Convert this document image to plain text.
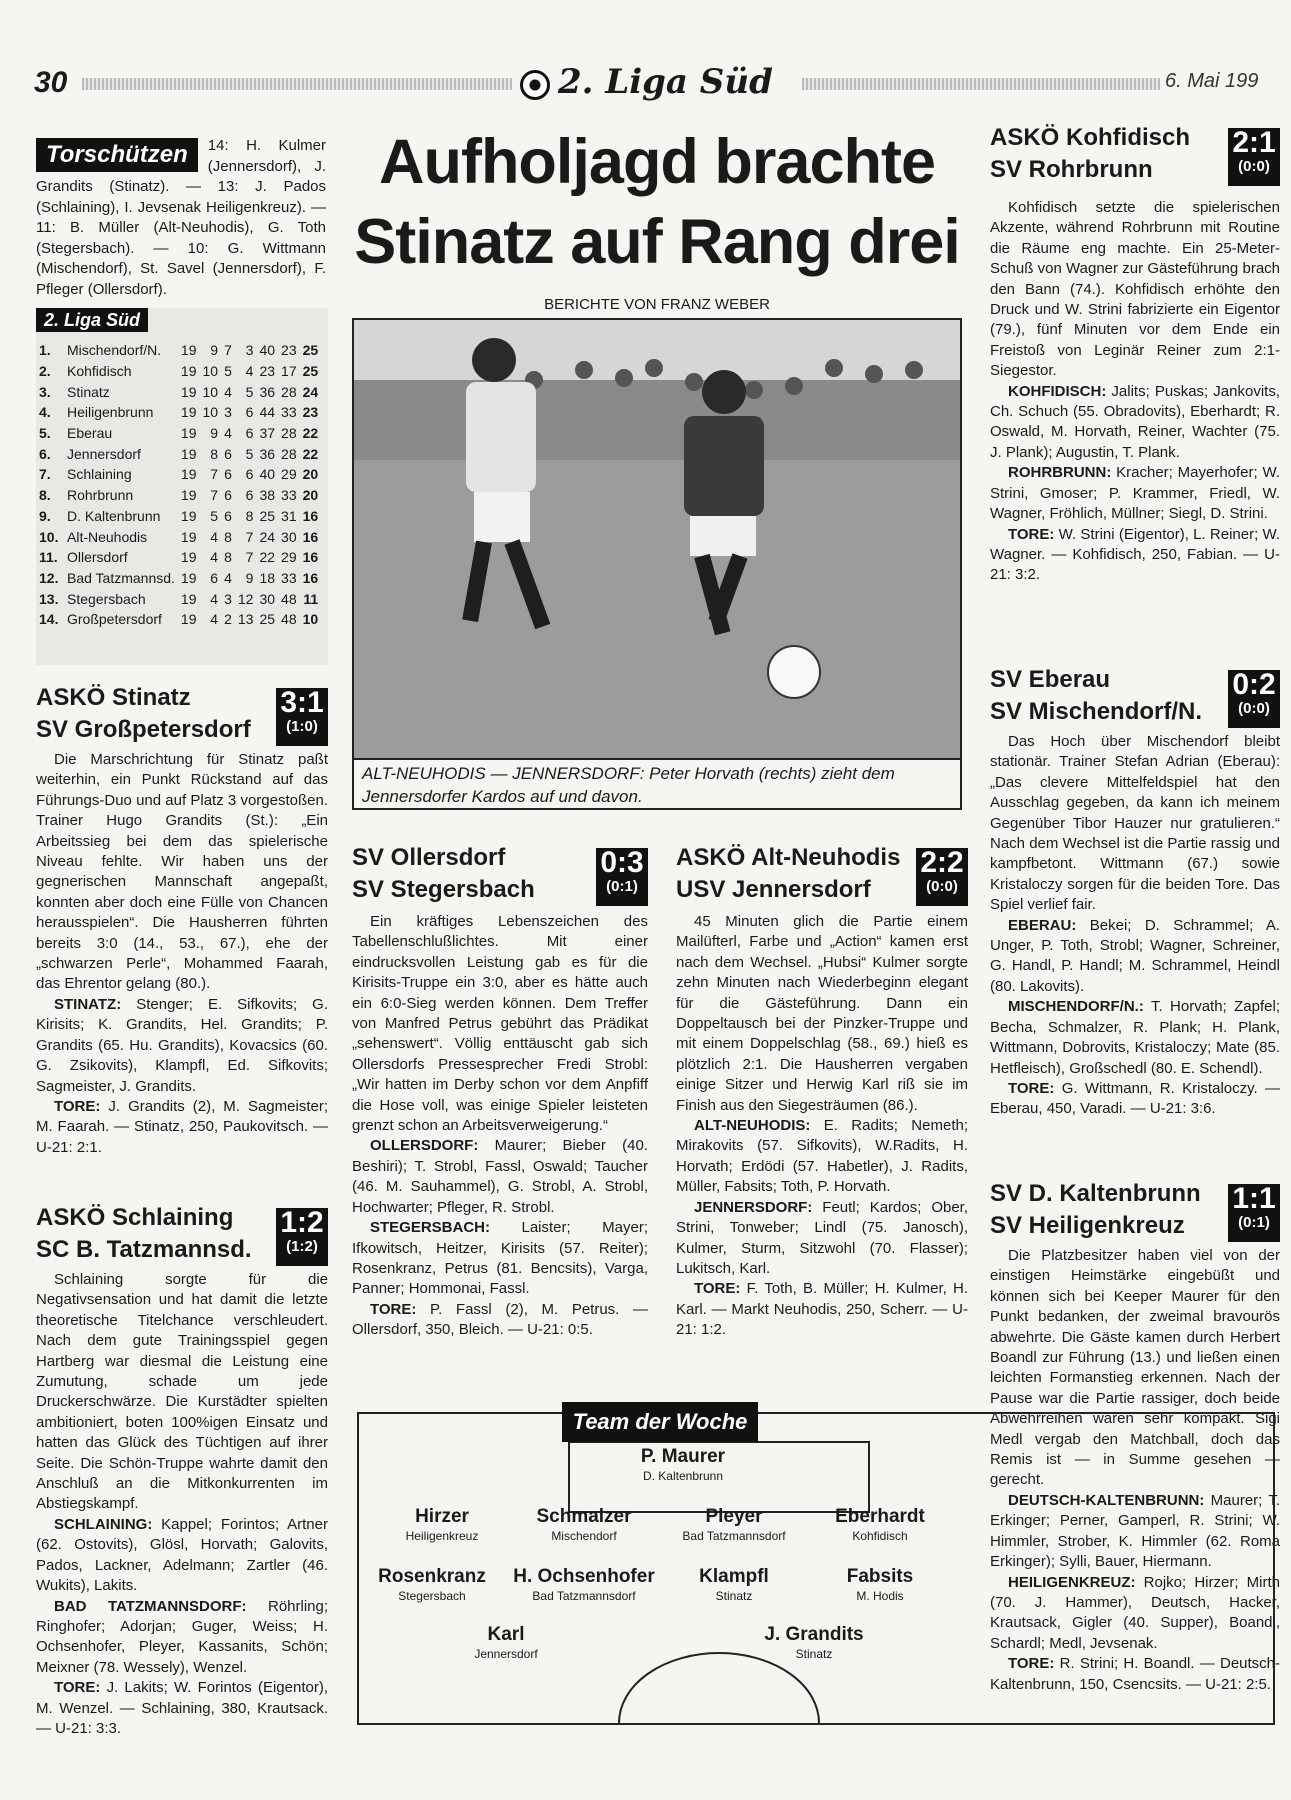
30	2. Liga Süd	6. Mai 199
Torschützen	14: H. Kulmer (Jennersdorf), J. Grandits (Stinatz). — 13: J. Pados (Schlaining), I. Jevsenak Heiligenkreuz). — 11: B. Müller (Alt-Neuhodis), G. Toth (Stegersbach). — 10: G. Wittmann (Mischendorf), St. Savel (Jennersdorf), F. Pfleger (Ollersdorf).
2. Liga Süd
1.	Mischendorf/N.	19	9	7	3	40	23	25
2.	Kohfidisch	19	10	5	4	23	17	25
3.	Stinatz	19	10	4	5	36	28	24
4.	Heiligenbrunn	19	10	3	6	44	33	23
5.	Eberau	19	9	4	6	37	28	22
6.	Jennersdorf	19	8	6	5	36	28	22
7.	Schlaining	19	7	6	6	40	29	20
8.	Rohrbrunn	19	7	6	6	38	33	20
9.	D. Kaltenbrunn	19	5	6	8	25	31	16
10.	Alt-Neuhodis	19	4	8	7	24	30	16
11.	Ollersdorf	19	4	8	7	22	29	16
12.	Bad Tatzmannsd.	19	6	4	9	18	33	16
13.	Stegersbach	19	4	3	12	30	48	11
14.	Großpetersdorf	19	4	2	13	25	48	10
ASKÖ Stinatz
SV Großpetersdorf
3:1
(1:0)

Die Marschrichtung für Stinatz paßt weiterhin, ein Punkt Rückstand auf das Führungs-Duo und auf Platz 3 vorgestoßen. Trainer Hugo Grandits (St.): „Ein Arbeitssieg bei dem das spielerische Niveau fehlte. Wir haben uns der gegnerischen Mannschaft angepaßt, konnten aber doch eine Fülle von Chancen herausspielen“. Die Hausherren führten bereits 3:0 (14., 53., 67.), ehe der „schwarzen Perle“, Mohammed Faarah, das Ehrentor gelang (80.).

STINATZ: Stenger; E. Sifkovits; G. Kirisits; K. Grandits, Hel. Grandits; P. Grandits (65. Hu. Grandits), Kovacsics (60. G. Zsikovits), Klampfl, Ed. Sifkovits; Sagmeister, J. Grandits.

TORE: J. Grandits (2), M. Sagmeister; M. Faarah. — Stinatz, 250, Paukovitsch. — U-21: 2:1.

ASKÖ Schlaining
SC B. Tatzmannsd.
1:2
(1:2)

Schlaining sorgte für die Negativsensation und hat damit die letzte theoretische Titelchance verschleudert. Nach dem gute Trainingsspiel gegen Hartberg war diesmal die Leistung eine Zumutung, schade um jede Druckerschwärze. Die Kurstädter spielten ambitioniert, boten 100%igen Einsatz und hatten das Glück des Tüchtigen auf ihrer Seite. Die Schön-Truppe wahrte damit den Anschluß an die Mitkonkurrenten im Abstiegskampf.

SCHLAINING: Kappel; Forintos; Artner (62. Ostovits), Glösl, Horvath; Galovits, Pados, Lackner, Adelmann; Zartler (46. Wukits), Lakits.

BAD TATZMANNSDORF: Röhrling; Ringhofer; Adorjan; Guger, Weiss; H. Ochsenhofer, Pleyer, Kassanits, Schön; Meixner (78. Wessely), Wenzel.

TORE: J. Lakits; W. Forintos (Eigentor), M. Wenzel. — Schlaining, 380, Krautsack. — U-21: 3:3.

Aufholjagd brachte
Stinatz auf Rang drei
BERICHTE VON FRANZ WEBER
ALT-NEUHODIS — JENNERSDORF: Peter Horvath (rechts) zieht dem Jennersdorfer Kardos auf und davon.
SV Ollersdorf
SV Stegersbach
0:3
(0:1)

Ein kräftiges Lebenszeichen des Tabellenschlußlichtes. Mit einer eindrucksvollen Leistung gab es für die Kirisits-Truppe ein 3:0, aber es hätte auch ein 6:0-Sieg werden können. Dem Treffer von Manfred Petrus gebührt das Prädikat „sehenswert“. Völlig enttäuscht gab sich Ollersdorfs Pressesprecher Fredi Strobl: „Wir hatten im Derby schon vor dem Anpfiff die Hose voll, was einige Spieler leisteten grenzt schon an Arbeitsverweigerung.“

OLLERSDORF: Maurer; Bieber (40. Beshiri); T. Strobl, Fassl, Oswald; Taucher (46. M. Sauhammel), G. Strobl, A. Strobl, Hochwarter; Pfleger, R. Strobl.

STEGERSBACH: Laister; Mayer; Ifkowitsch, Heitzer, Kirisits (57. Reiter); Rosenkranz, Petrus (81. Bencsits), Varga, Panner; Hommonai, Fassl.

TORE: P. Fassl (2), M. Petrus. — Ollersdorf, 350, Bleich. — U-21: 0:5.

ASKÖ Alt-Neuhodis
USV Jennersdorf
2:2
(0:0)

45 Minuten glich die Partie einem Mailüfterl, Farbe und „Action“ kamen erst nach dem Wechsel. „Hubsi“ Kulmer sorgte zehn Minuten nach Wiederbeginn elegant für die Gästeführung. Dann ein Doppeltausch bei der Pinzker-Truppe und mit einem Doppelschlag (58., 69.) hieß es plötzlich 2:1. Die Hausherren vergaben einige Sitzer und Herwig Karl riß sie im Finish aus den Siegesträumen (86.).

ALT-NEUHODIS: E. Radits; Nemeth; Mirakovits (57. Sifkovits), W.Radits, H. Horvath; Erdödi (57. Habetler), J. Radits, Müller, Fabsits; Toth, P. Horvath.

JENNERSDORF: Feutl; Kardos; Ober, Strini, Tonweber; Lindl (75. Janosch), Kulmer, Sturm, Sitzwohl (70. Flasser); Lukitsch, Karl.

TORE: F. Toth, B. Müller; H. Kulmer, H. Karl. — Markt Neuhodis, 250, Scherr. — U-21: 1:2.

ASKÖ Kohfidisch
SV Rohrbrunn
2:1
(0:0)

Kohfidisch setzte die spielerischen Akzente, während Rohrbrunn mit Routine die Räume eng machte. Ein 25-Meter-Schuß von Wagner zur Gästeführung brach den Bann (74.). Kohfidisch erhöhte den Druck und W. Strini fabrizierte ein Eigentor (79.), fünf Minuten vor dem Ende ein Freistoß von Leginär Reiner zum 2:1-Siegestor.

KOHFIDISCH: Jalits; Puskas; Jankovits, Ch. Schuch (55. Obradovits), Eberhardt; R. Oswald, M. Horvath, Reiner, Wachter (75. J. Plank); Augustin, T. Plank.

ROHRBRUNN: Kracher; Mayerhofer; W. Strini, Gmoser; P. Krammer, Friedl, W. Wagner, Fröhlich, Müllner; Siegl, D. Strini.

TORE: W. Strini (Eigentor), L. Reiner; W. Wagner. — Kohfidisch, 250, Fabian. — U-21: 3:2.

SV Eberau
SV Mischendorf/N.
0:2
(0:0)

Das Hoch über Mischendorf bleibt stationär. Trainer Stefan Adrian (Eberau): „Das clevere Mittelfeldspiel hat den Ausschlag gegeben, da kann ich meinem Gegenüber Tibor Hauzer nur gratulieren.“ Nach dem Wechsel ist die Partie rassig und kampfbetont. Wittmann (67.) sowie Kristaloczy sorgen für die beiden Tore. Das Spiel verlief fair.

EBERAU: Bekei; D. Schrammel; A. Unger, P. Toth, Strobl; Wagner, Schreiner, G. Handl, P. Handl; M. Schrammel, Heindl (80. Lakovits).

MISCHENDORF/N.: T. Horvath; Zapfel; Becha, Schmalzer, R. Plank; H. Plank, Wittmann, Dobrovits, Kristaloczy; Mate (85. Hetfleisch), Großschedl (80. E. Schendl).

TORE: G. Wittmann, R. Kristaloczy. — Eberau, 450, Varadi. — U-21: 3:6.

SV D. Kaltenbrunn
SV Heiligenkreuz
1:1
(0:1)

Die Platzbesitzer haben viel von der einstigen Heimstärke eingebüßt und können sich bei Keeper Maurer für den Punkt bedanken, der zweimal bravourös abwehrte. Die Gäste kamen durch Herbert Boandl zur Führung (13.) und ließen einen leichten Formanstieg erkennen. Nach der Pause war die Partie rassiger, doch beide Abwehrreihen waren sehr kompakt. Sigi Medl vergab den Matchball, doch das Remis ist — in Summe gesehen — gerecht.

DEUTSCH-KALTENBRUNN: Maurer; T. Erkinger; Perner, Gamperl, R. Strini; W. Himmler, Strober, K. Himmler (62. Roma Erkinger); Sylli, Bauer, Hiermann.

HEILIGENKREUZ: Rojko; Hirzer; Mirth (70. J. Hammer), Deutsch, Hacker, Krautsack, Gigler (40. Supper), Boandl, Schardl; Medl, Jevsenak.

TORE: R. Strini; H. Boandl. — Deutsch-Kaltenbrunn, 150, Csencsits. — U-21: 2:5.

Team der Woche
P. Maurer
D. Kaltenbrunn
Hirzer
Heiligenkreuz
Schmalzer
Mischendorf
Pleyer
Bad Tatzmannsdorf
Eberhardt
Kohfidisch
Rosenkranz
Stegersbach
H. Ochsenhofer
Bad Tatzmannsdorf
Klampfl
Stinatz
Fabsits
M. Hodis
Karl
Jennersdorf
J. Grandits
Stinatz
